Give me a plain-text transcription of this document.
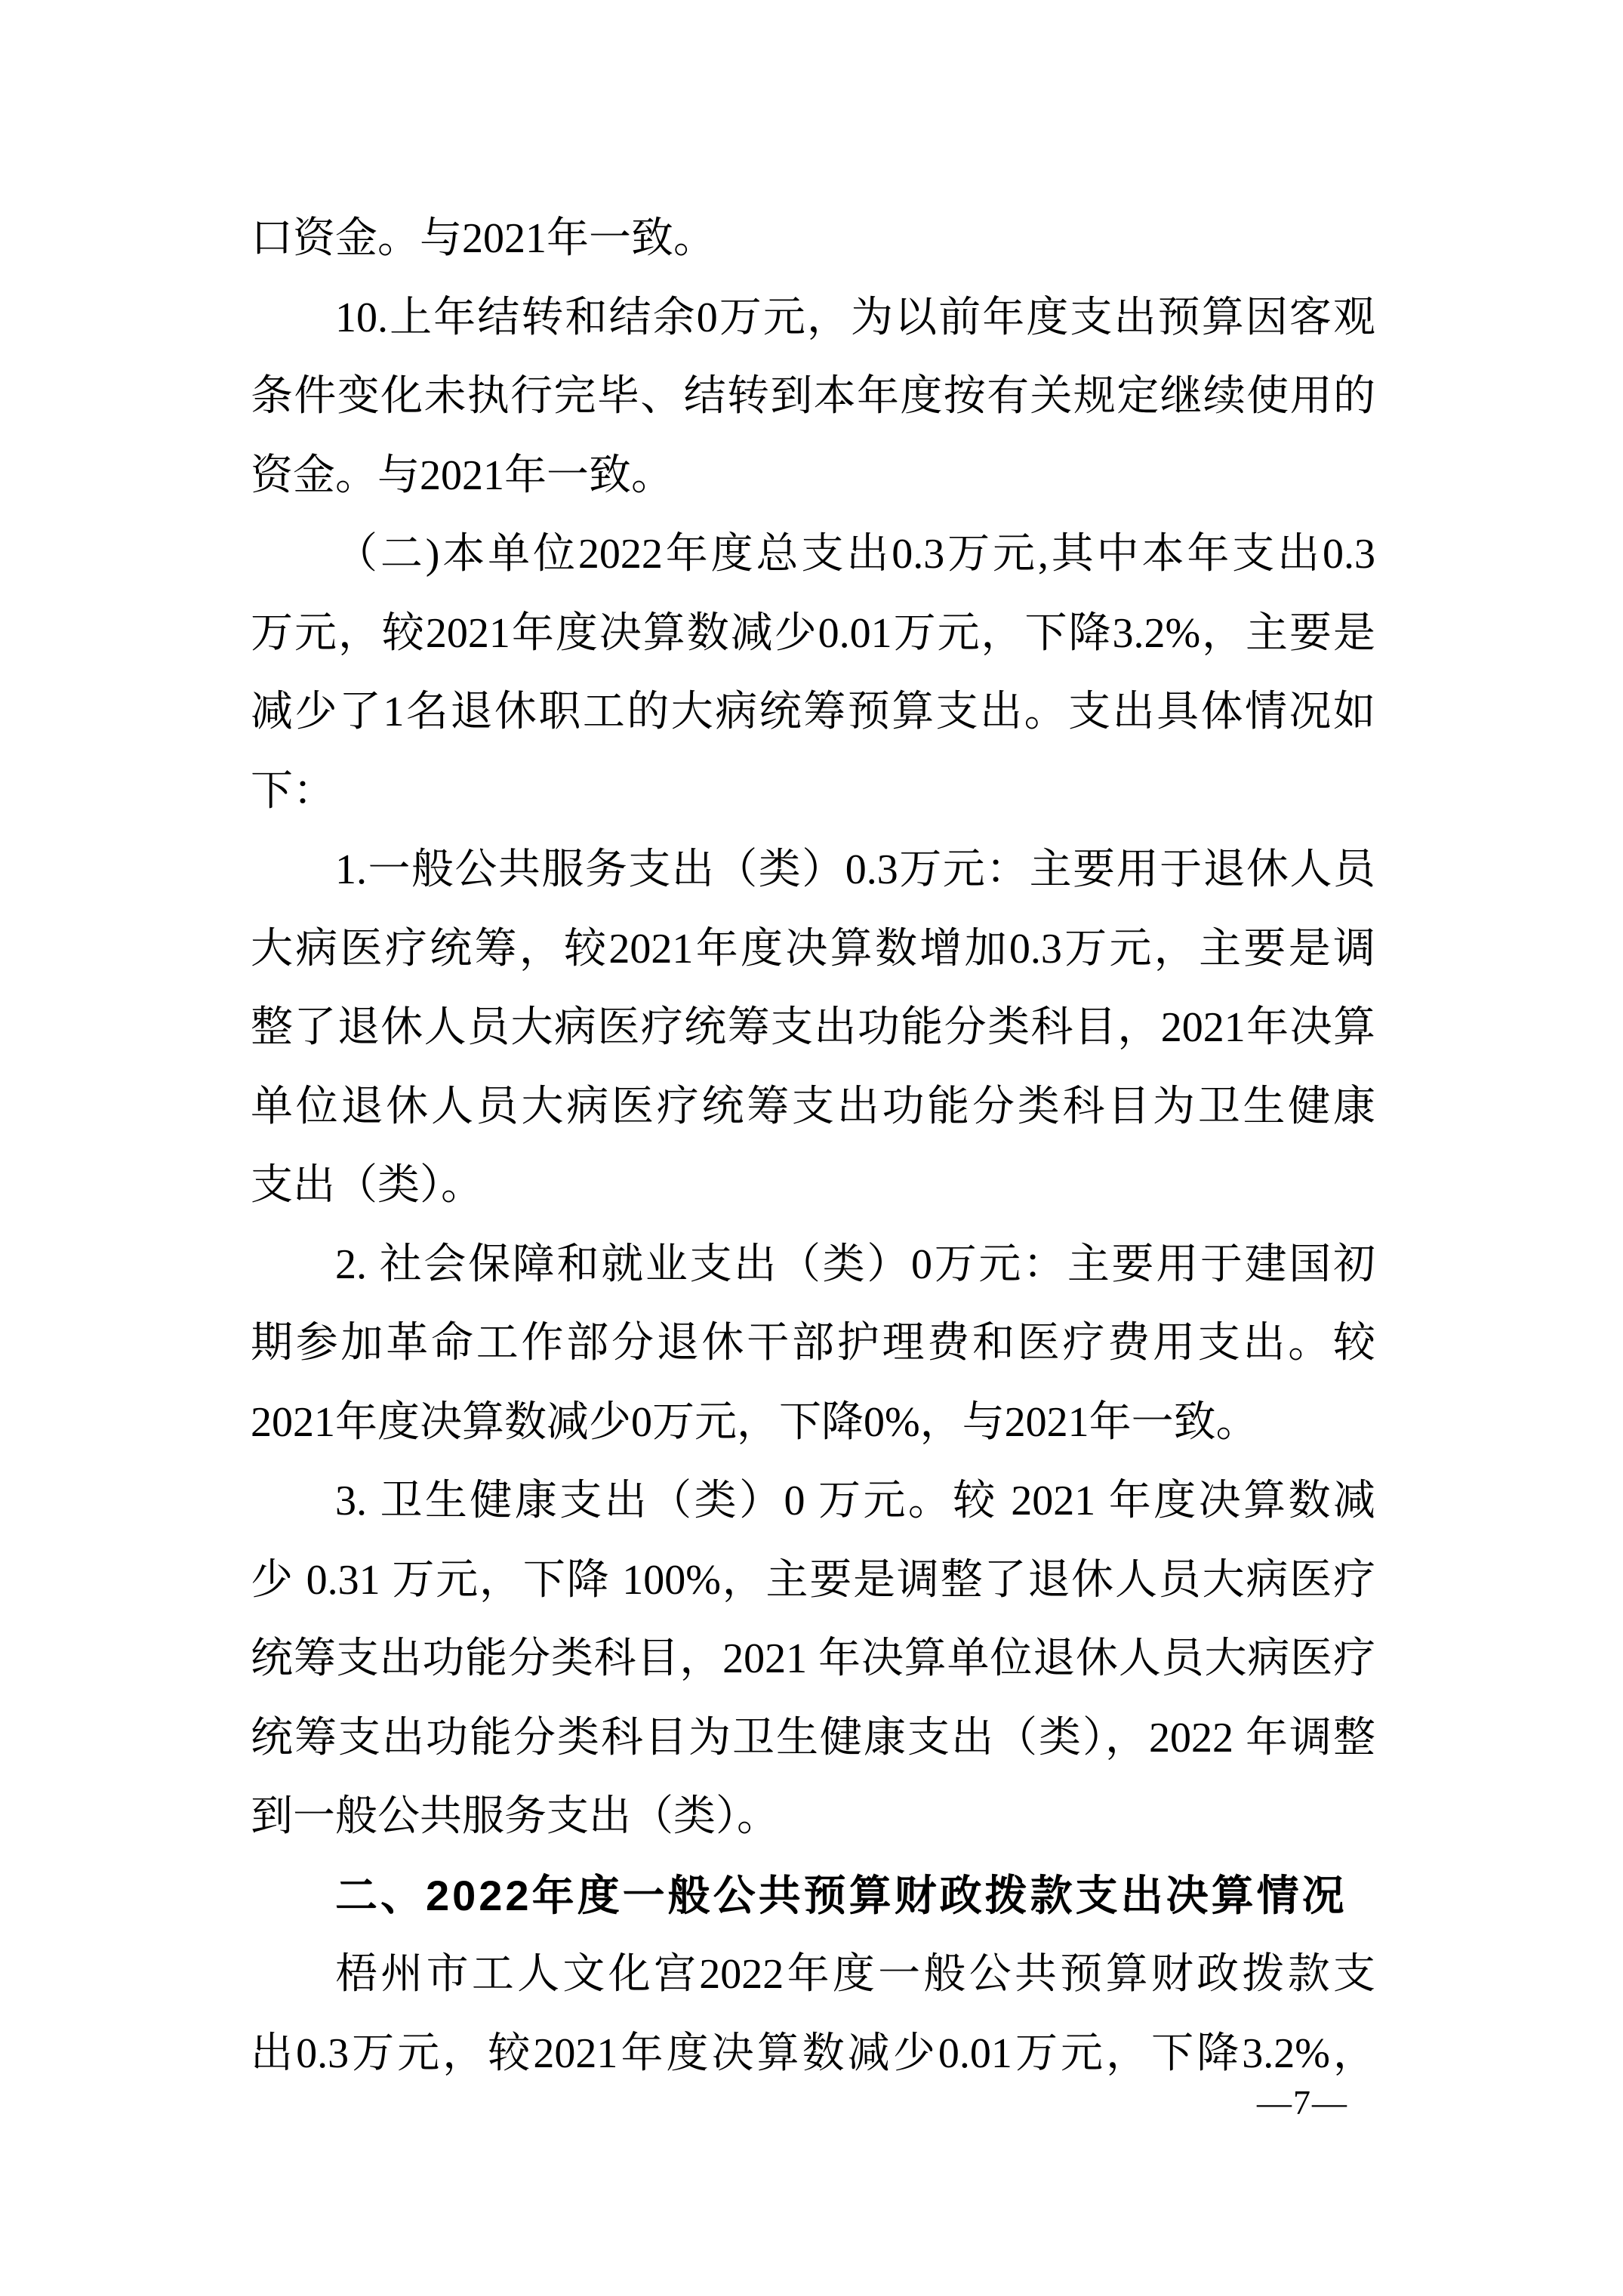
口资金。与2021年一致。
10.上年结转和结余0万元，为以前年度支出预算因客观
条件变化未执行完毕、结转到本年度按有关规定继续使用的
资金。与2021年一致。
（二)本单位2022年度总支出0.3万元,其中本年支出0.3
万元，较2021年度决算数减少0.01万元，下降3.2%，主要是
减少了1名退休职工的大病统筹预算支出。支出具体情况如
下：
1.一般公共服务支出（类）0.3万元：主要用于退休人员
大病医疗统筹，较2021年度决算数增加0.3万元，主要是调
整了退休人员大病医疗统筹支出功能分类科目，2021年决算
单位退休人员大病医疗统筹支出功能分类科目为卫生健康
支出（类）。
2. 社会保障和就业支出（类）0万元：主要用于建国初
期参加革命工作部分退休干部护理费和医疗费用支出。较
2021年度决算数减少0万元，下降0%，与2021年一致。
3. 卫生健康支出（类）0 万元。较 2021 年度决算数减
少 0.31 万元，下降 100%，主要是调整了退休人员大病医疗
统筹支出功能分类科目，2021 年决算单位退休人员大病医疗
统筹支出功能分类科目为卫生健康支出（类），2022 年调整
到一般公共服务支出（类）。
二、2022年度一般公共预算财政拨款支出决算情况
梧州市工人文化宫2022年度一般公共预算财政拨款支
出0.3万元，较2021年度决算数减少0.01万元，下降3.2%，
—7—
